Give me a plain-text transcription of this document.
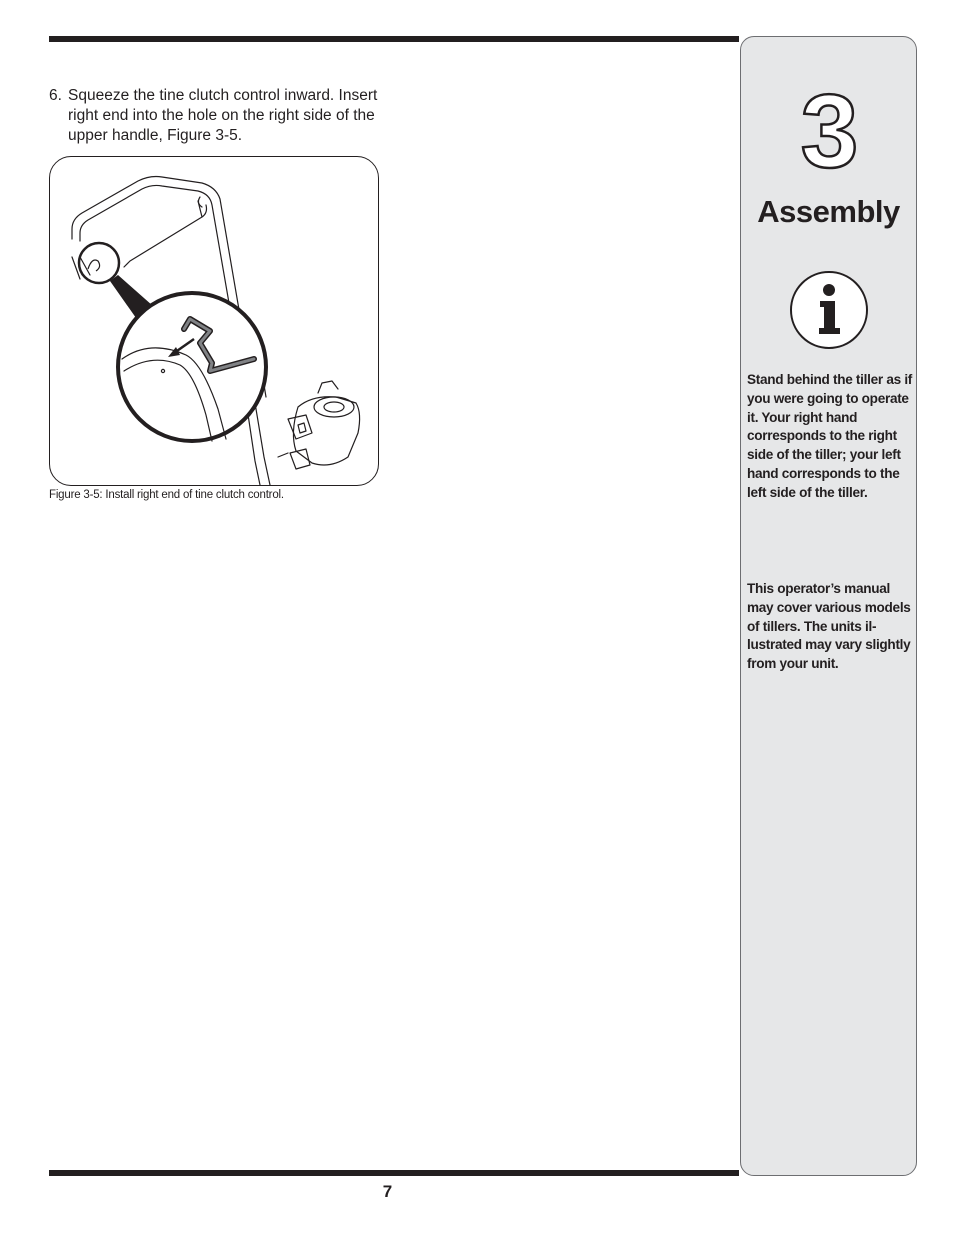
6. Squeeze the tine clutch control inward. Insert right end into the hole on the right side of the upper handle, Figure 3-5.
Figure 3-5: Install right end of tine clutch control.
3
Assembly
Stand behind the tiller as if you were going to operate it. Your right hand corresponds to the right side of the tiller; your left hand corresponds to the left side of the tiller.
This operator’s manual may cover various models of tillers. The units il-lustrated may vary slightly from your unit.
7
